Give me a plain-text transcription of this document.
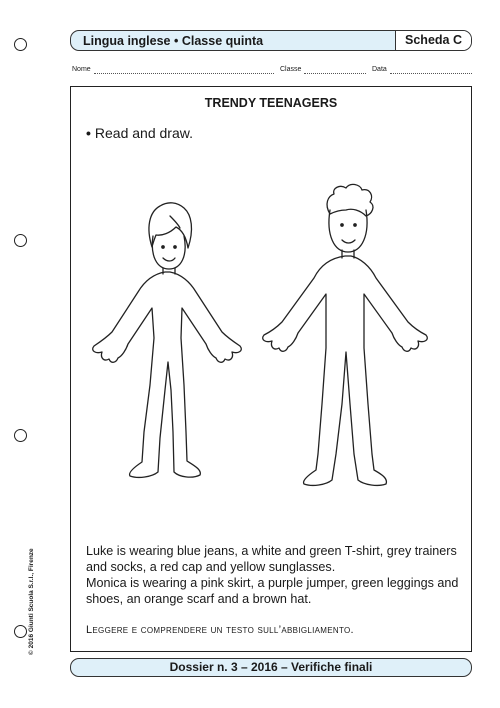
Lingua inglese • Classe quinta	Scheda C
Nome	Classe	Data
TRENDY TEENAGERS
• Read and draw.

Luke is wearing blue jeans, a white and green T-shirt, grey trainers and socks, a red cap and yellow sunglasses.

Monica is wearing a pink skirt, a purple jumper, green leggings and shoes, an orange scarf and a brown hat.

Leggere e comprendere un testo sull’abbigliamento.
© 2016 Giunti Scuola S.r.l., Firenze
Dossier n. 3 – 2016 – Verifiche finali
